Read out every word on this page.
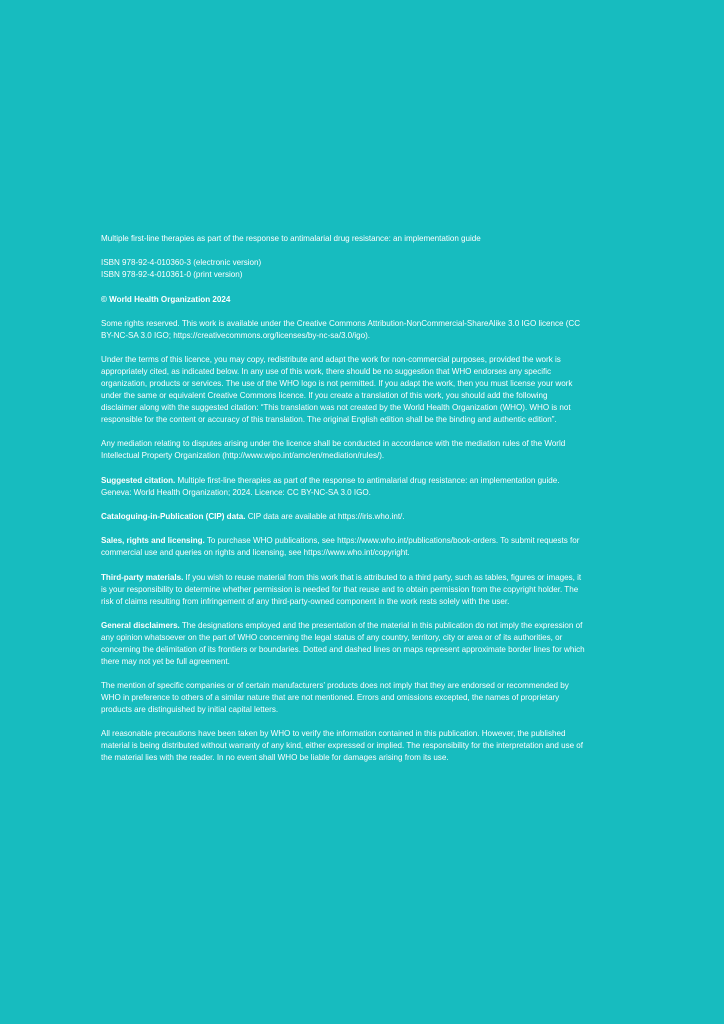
Multiple first-line therapies as part of the response to antimalarial drug resistance: an implementation guide

ISBN 978-92-4-010360-3 (electronic version)
ISBN 978-92-4-010361-0 (print version)

© World Health Organization 2024

Some rights reserved. This work is available under the Creative Commons Attribution-NonCommercial-ShareAlike 3.0 IGO licence (CC BY-NC-SA 3.0 IGO; https://creativecommons.org/licenses/by-nc-sa/3.0/igo).

Under the terms of this licence, you may copy, redistribute and adapt the work for non-commercial purposes, provided the work is appropriately cited, as indicated below. In any use of this work, there should be no suggestion that WHO endorses any specific organization, products or services. The use of the WHO logo is not permitted. If you adapt the work, then you must license your work under the same or equivalent Creative Commons licence. If you create a translation of this work, you should add the following disclaimer along with the suggested citation: “This translation was not created by the World Health Organization (WHO). WHO is not responsible for the content or accuracy of this translation. The original English edition shall be the binding and authentic edition”.

Any mediation relating to disputes arising under the licence shall be conducted in accordance with the mediation rules of the World Intellectual Property Organization (http://www.wipo.int/amc/en/mediation/rules/).

Suggested citation. Multiple first-line therapies as part of the response to antimalarial drug resistance: an implementation guide. Geneva: World Health Organization; 2024. Licence: CC BY-NC-SA 3.0 IGO.

Cataloguing-in-Publication (CIP) data. CIP data are available at https://iris.who.int/.

Sales, rights and licensing. To purchase WHO publications, see https://www.who.int/publications/book-orders. To submit requests for commercial use and queries on rights and licensing, see https://www.who.int/copyright.

Third-party materials. If you wish to reuse material from this work that is attributed to a third party, such as tables, figures or images, it is your responsibility to determine whether permission is needed for that reuse and to obtain permission from the copyright holder. The risk of claims resulting from infringement of any third-party-owned component in the work rests solely with the user.

General disclaimers. The designations employed and the presentation of the material in this publication do not imply the expression of any opinion whatsoever on the part of WHO concerning the legal status of any country, territory, city or area or of its authorities, or concerning the delimitation of its frontiers or boundaries. Dotted and dashed lines on maps represent approximate border lines for which there may not yet be full agreement.

The mention of specific companies or of certain manufacturers’ products does not imply that they are endorsed or recommended by WHO in preference to others of a similar nature that are not mentioned. Errors and omissions excepted, the names of proprietary products are distinguished by initial capital letters.

All reasonable precautions have been taken by WHO to verify the information contained in this publication. However, the published material is being distributed without warranty of any kind, either expressed or implied. The responsibility for the interpretation and use of the material lies with the reader. In no event shall WHO be liable for damages arising from its use.
